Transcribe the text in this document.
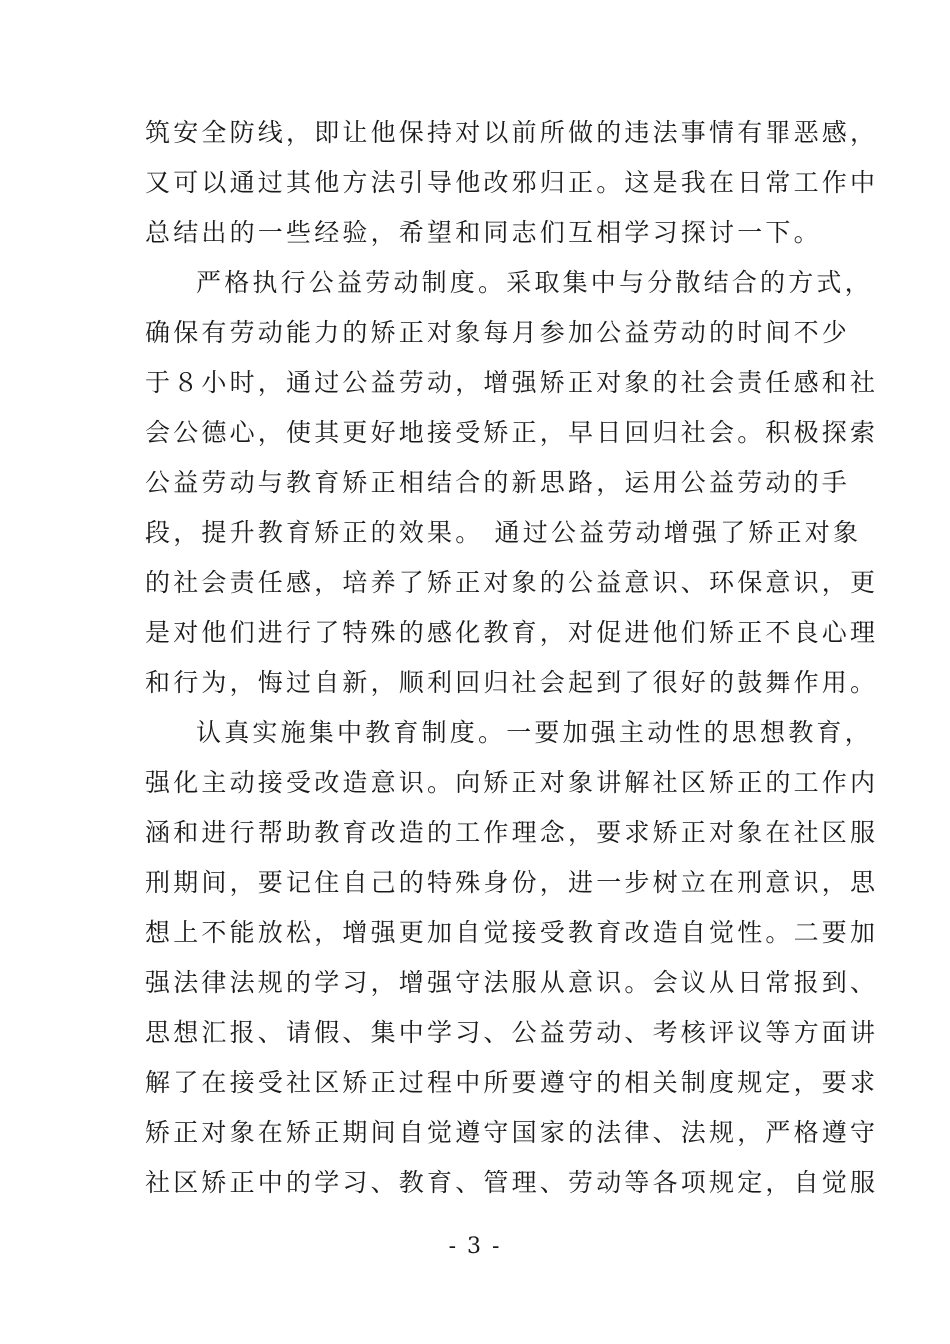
筑安全防线，即让他保持对以前所做的违法事情有罪恶感，
又可以通过其他方法引导他改邪归正。这是我在日常工作中
总结出的一些经验，希望和同志们互相学习探讨一下。
严格执行公益劳动制度。采取集中与分散结合的方式，
确保有劳动能力的矫正对象每月参加公益劳动的时间不少
于８小时，通过公益劳动，增强矫正对象的社会责任感和社
会公德心，使其更好地接受矫正，早日回归社会。积极探索
公益劳动与教育矫正相结合的新思路，运用公益劳动的手
段，提升教育矫正的效果。 通过公益劳动增强了矫正对象
的社会责任感，培养了矫正对象的公益意识、环保意识，更
是对他们进行了特殊的感化教育，对促进他们矫正不良心理
和行为，悔过自新，顺利回归社会起到了很好的鼓舞作用。
认真实施集中教育制度。一要加强主动性的思想教育，
强化主动接受改造意识。向矫正对象讲解社区矫正的工作内
涵和进行帮助教育改造的工作理念，要求矫正对象在社区服
刑期间，要记住自己的特殊身份，进一步树立在刑意识，思
想上不能放松，增强更加自觉接受教育改造自觉性。二要加
强法律法规的学习，增强守法服从意识。会议从日常报到、
思想汇报、请假、集中学习、公益劳动、考核评议等方面讲
解了在接受社区矫正过程中所要遵守的相关制度规定，要求
矫正对象在矫正期间自觉遵守国家的法律、法规，严格遵守
社区矫正中的学习、教育、管理、劳动等各项规定，自觉服
- 3 -
